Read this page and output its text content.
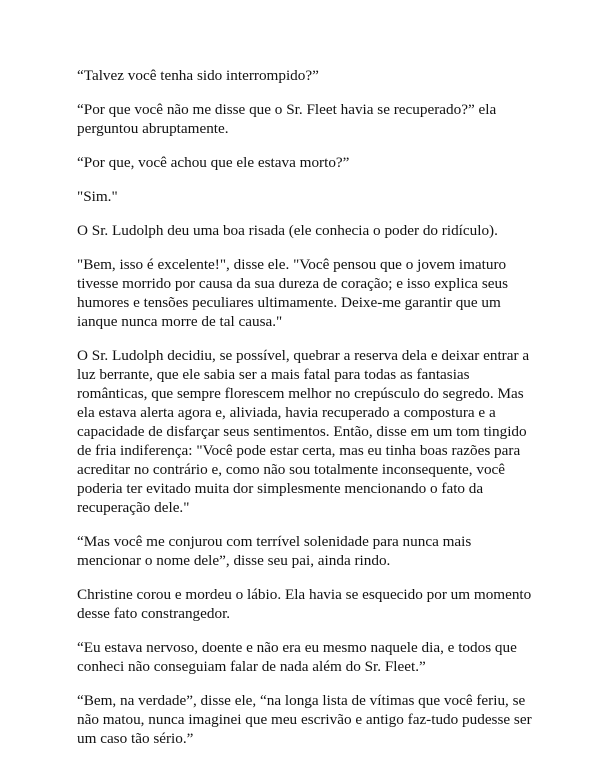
“Talvez você tenha sido interrompido?”

“Por que você não me disse que o Sr. Fleet havia se recuperado?” ela perguntou abruptamente.

“Por que, você achou que ele estava morto?”

"Sim."

O Sr. Ludolph deu uma boa risada (ele conhecia o poder do ridículo).

"Bem, isso é excelente!", disse ele. "Você pensou que o jovem imaturo tivesse morrido por causa da sua dureza de coração; e isso explica seus humores e tensões peculiares ultimamente. Deixe-me garantir que um ianque nunca morre de tal causa."

O Sr. Ludolph decidiu, se possível, quebrar a reserva dela e deixar entrar a luz berrante, que ele sabia ser a mais fatal para todas as fantasias românticas, que sempre florescem melhor no crepúsculo do segredo. Mas ela estava alerta agora e, aliviada, havia recuperado a compostura e a capacidade de disfarçar seus sentimentos. Então, disse em um tom tingido de fria indiferença: "Você pode estar certa, mas eu tinha boas razões para acreditar no contrário e, como não sou totalmente inconsequente, você poderia ter evitado muita dor simplesmente mencionando o fato da recuperação dele."

“Mas você me conjurou com terrível solenidade para nunca mais mencionar o nome dele”, disse seu pai, ainda rindo.

Christine corou e mordeu o lábio. Ela havia se esquecido por um momento desse fato constrangedor.

“Eu estava nervoso, doente e não era eu mesmo naquele dia, e todos que conheci não conseguiam falar de nada além do Sr. Fleet.”

“Bem, na verdade”, disse ele, “na longa lista de vítimas que você feriu, se não matou, nunca imaginei que meu escrivão e antigo faz-tudo pudesse ser um caso tão sério.”
